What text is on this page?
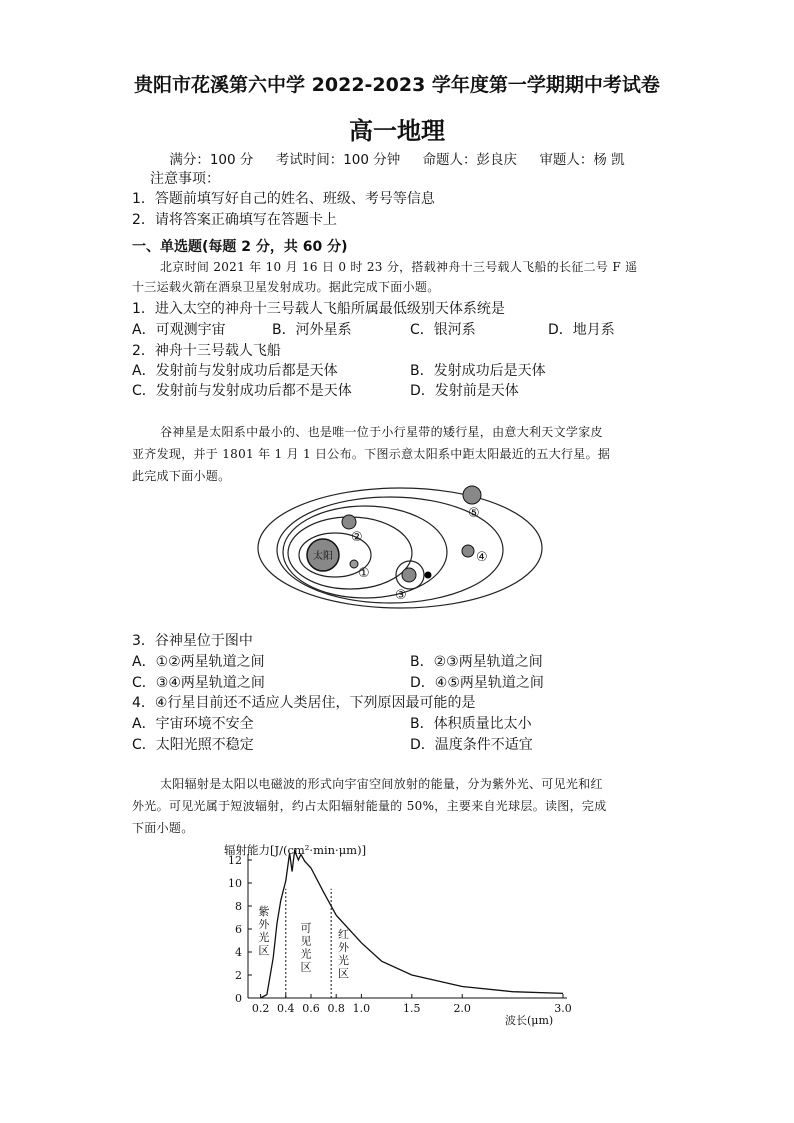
贵阳市花溪第六中学 2022-2023 学年度第一学期期中考试卷
高一地理
满分：100 分 考试时间：100 分钟 命题人：彭良庆 审题人：杨 凯
注意事项：
1．答题前填写好自己的姓名、班级、考号等信息
2．请将答案正确填写在答题卡上
一、单选题(每题 2 分，共 60 分)
北京时间 2021 年 10 月 16 日 0 时 23 分，搭载神舟十三号载人飞船的长征二号 F 遥
十三运载火箭在酒泉卫星发射成功。据此完成下面小题。
1．进入太空的神舟十三号载人飞船所属最低级别天体系统是
A．可观测宇宙	B．河外星系	C．银河系	D．地月系
2．神舟十三号载人飞船
A．发射前与发射成功后都是天体	B．发射成功后是天体
C．发射前与发射成功后都不是天体	D．发射前是天体
谷神星是太阳系中最小的、也是唯一位于小行星带的矮行星，由意大利天文学家皮
亚齐发现，并于 1801 年 1 月 1 日公布。下图示意太阳系中距太阳最近的五大行星。据
此完成下面小题。
太阳
①
②
③
④
⑤
3．谷神星位于图中
A．①②两星轨道之间	B．②③两星轨道之间
C．③④两星轨道之间	D．④⑤两星轨道之间
4．④行星目前还不适应人类居住，下列原因最可能的是
A．宇宙环境不安全	B．体积质量比太小
C．太阳光照不稳定	D．温度条件不适宜
太阳辐射是太阳以电磁波的形式向宇宙空间放射的能量，分为紫外光、可见光和红
外光。可见光属于短波辐射，约占太阳辐射能量的 50%，主要来自光球层。读图，完成
下面小题。
辐射能力[J/(cm²·min·μm)]
0
2
4
6
8
10
12
0.2 0.4 0.6 0.8 1.0	1.5	2.0	3.0
紫
外
光
区
可
见
光
区
红
外
光
区
波长(μm)
